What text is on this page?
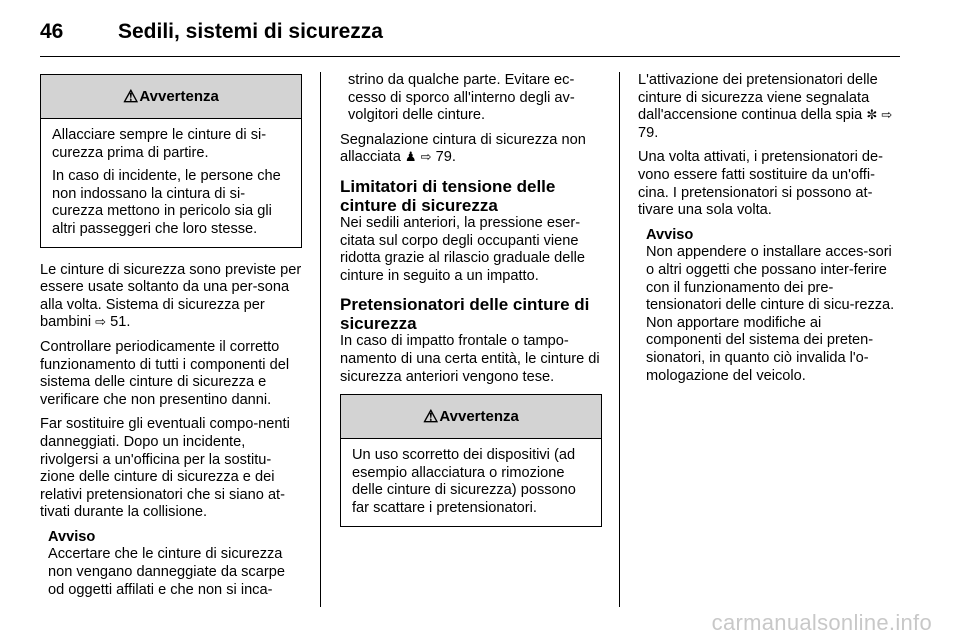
46	Sedili, sistemi di sicurezza
⚠ Avvertenza

Allacciare sempre le cinture di si-curezza prima di partire.

In caso di incidente, le persone che non indossano la cintura di si-curezza mettono in pericolo sia gli altri passeggeri che loro stesse.

Le cinture di sicurezza sono previste per essere usate soltanto da una per-sona alla volta. Sistema di sicurezza per bambini ⇨ 51.

Controllare periodicamente il corretto funzionamento di tutti i componenti del sistema delle cinture di sicurezza e verificare che non presentino danni.

Far sostituire gli eventuali compo-nenti danneggiati. Dopo un incidente, rivolgersi a un'officina per la sostitu-zione delle cinture di sicurezza e dei relativi pretensionatori che si siano at-tivati durante la collisione.

Avviso
Accertare che le cinture di sicurezza non vengano danneggiate da scarpe od oggetti affilati e che non si inca-

strino da qualche parte. Evitare ec-cesso di sporco all'interno degli av-volgitori delle cinture.

Segnalazione cintura di sicurezza non allacciata ♟ ⇨ 79.

Limitatori di tensione delle cinture di sicurezza

Nei sedili anteriori, la pressione eser-citata sul corpo degli occupanti viene ridotta grazie al rilascio graduale delle cinture in seguito a un impatto.

Pretensionatori delle cinture di sicurezza

In caso di impatto frontale o tampo-namento di una certa entità, le cinture di sicurezza anteriori vengono tese.

⚠ Avvertenza

Un uso scorretto dei dispositivi (ad esempio allacciatura o rimozione delle cinture di sicurezza) possono far scattare i pretensionatori.

L'attivazione dei pretensionatori delle cinture di sicurezza viene segnalata dall'accensione continua della spia ✼ ⇨ 79.

Una volta attivati, i pretensionatori de-vono essere fatti sostituire da un'offi-cina. I pretensionatori si possono at-tivare una sola volta.

Avviso
Non appendere o installare acces-sori o altri oggetti che possano inter-ferire con il funzionamento dei pre-tensionatori delle cinture di sicu-rezza. Non apportare modifiche ai componenti del sistema dei preten-sionatori, in quanto ciò invalida l'o-mologazione del veicolo.
carmanualsonline.info
